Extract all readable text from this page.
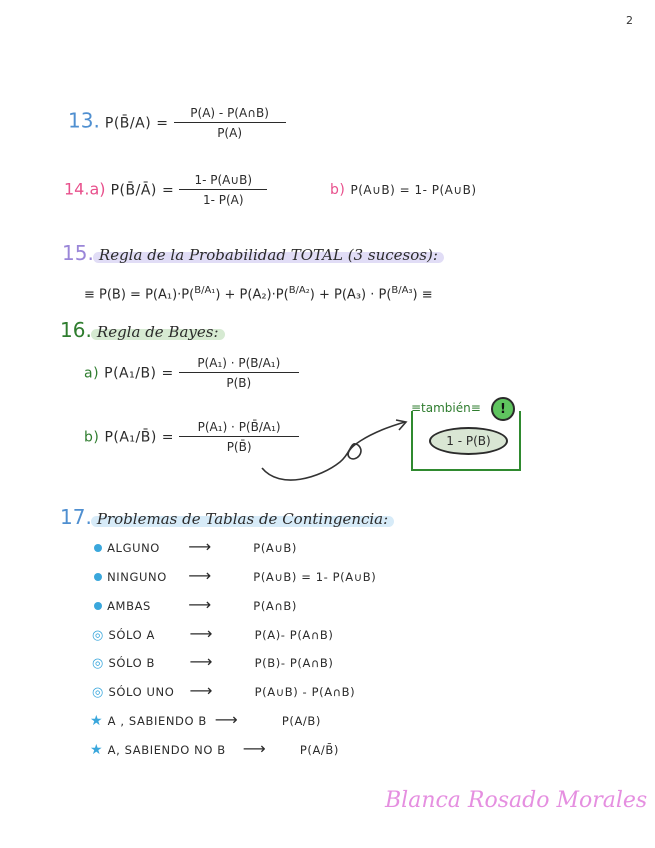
2
13. P(B̄/A) = $\frac{P(A) - P(A\cap B)}{P(A)}$
14.a) P(B̄/Ā) = $\frac{1- P(A\cup B)}{1- P(A)}$	b) P(A∪B) = 1- P(A∪B)
15. Regla de la Probabilidad TOTAL (3 sucesos):
≡ P(B) = P(A₁)·P($^{B/A_1}$) + P(A₂)·P($^{B/A_2}$) + P(A₃) · P($^{B/A_3}$) ≡
16. Regla de Bayes:
a) $P(A_1/B) = \frac{\text{P(A₁) · P(B/A₁)}}{P(B)}$
b) P(A₁/B̄) = $\frac{\text{P(A₁) · P(B̄/A₁)}}{P(B̄)}$
≡también≡	!
1 - P(B)
17. Problemas de Tablas de Contingencia:
ALGUNO ⟶	P(A∪B)
NINGUNO ⟶	P(A∪B) = 1- P(A∪B)
AMBAS ⟶	P(A∩B)
◎ SÓLO A ⟶	P(A)- P(A∩B)
◎ SÓLO B ⟶	P(B)- P(A∩B)
◎ SÓLO UNO ⟶	P(A∪B) - P(A∩B)
★ A , SABIENDO B ⟶	P(A/B)
★ A, SABIENDO NO B ⟶	P(A/B̄)
Blanca Rosado Morales
